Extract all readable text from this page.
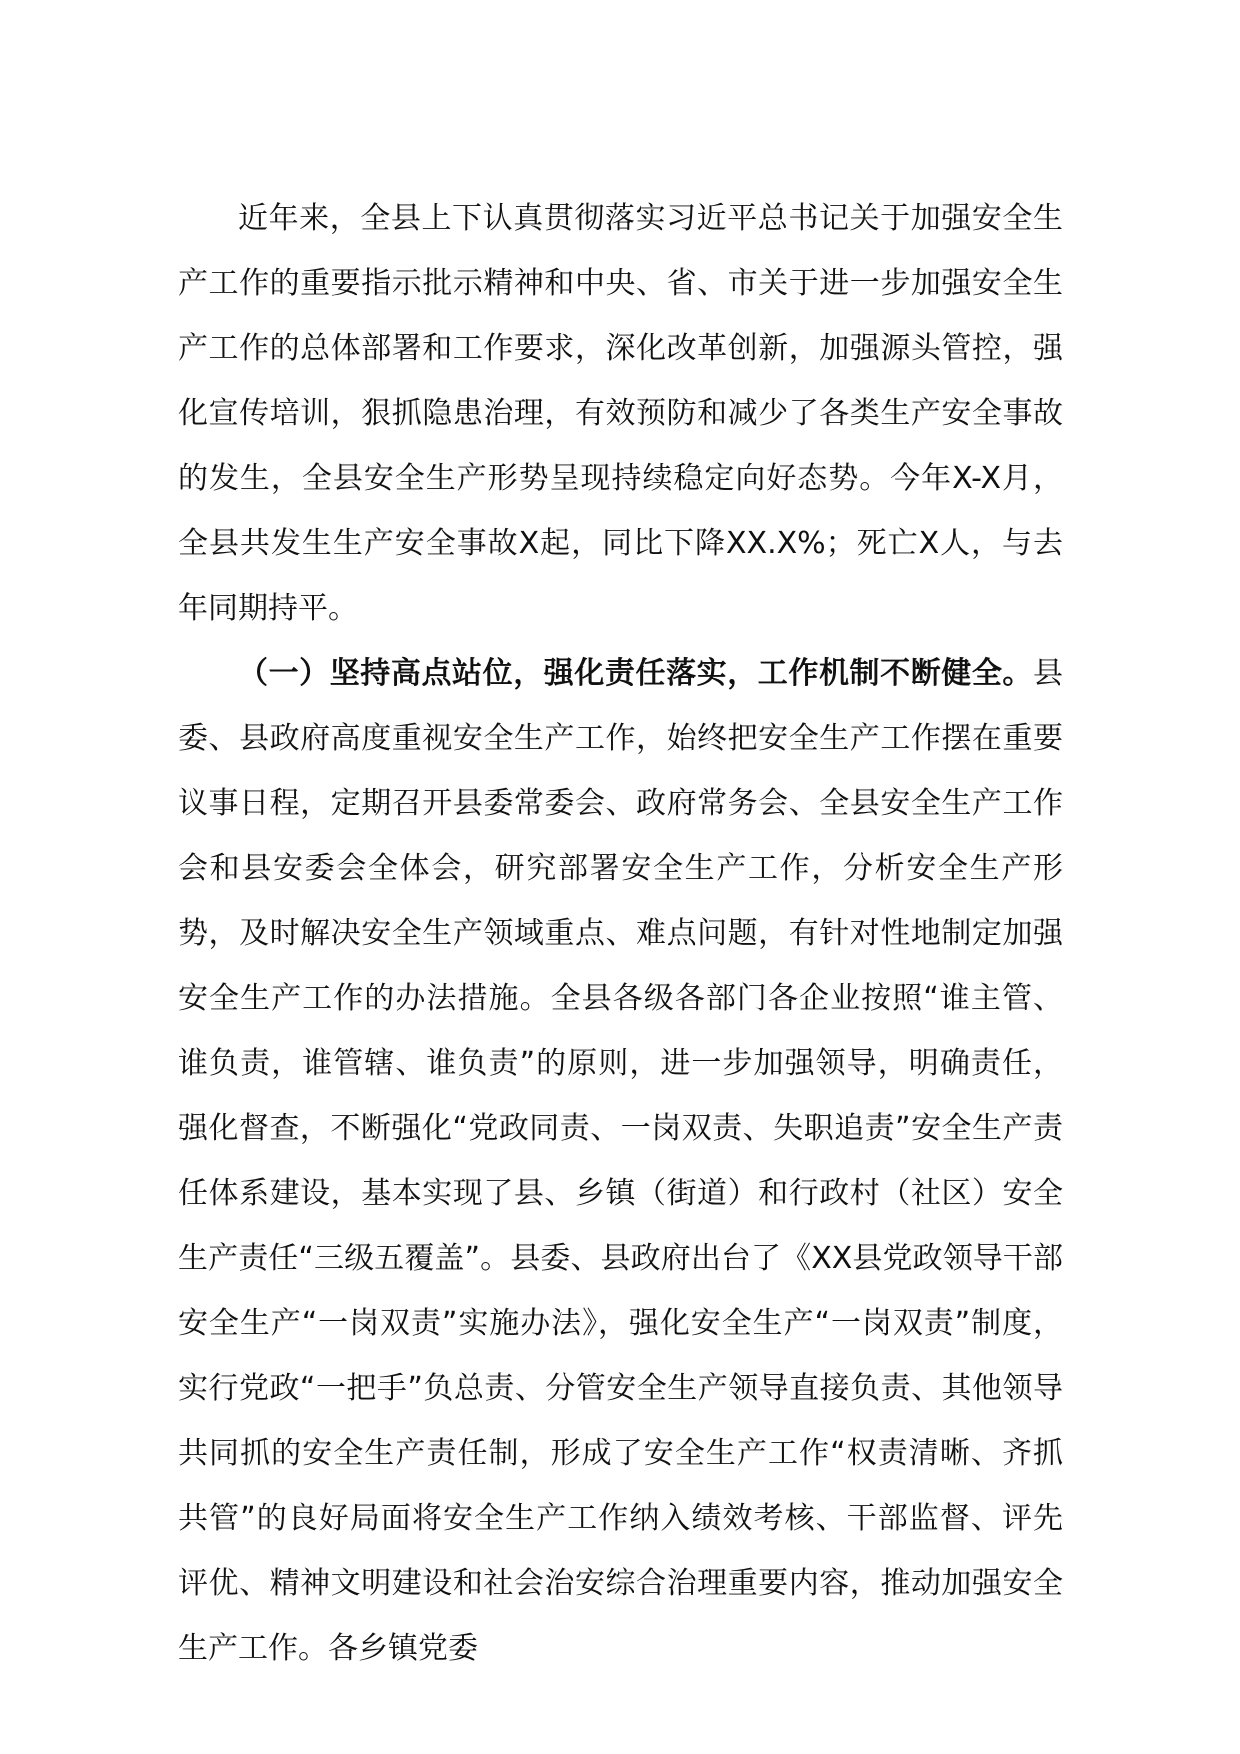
近年来，全县上下认真贯彻落实习近平总书记关于加强安全生产工作的重要指示批示精神和中央、省、市关于进一步加强安全生产工作的总体部署和工作要求，深化改革创新，加强源头管控，强化宣传培训，狠抓隐患治理，有效预防和减少了各类生产安全事故的发生，全县安全生产形势呈现持续稳定向好态势。今年X-X月，全县共发生生产安全事故X起，同比下降XX.X%；死亡X人，与去年同期持平。

（一）坚持高点站位，强化责任落实，工作机制不断健全。县委、县政府高度重视安全生产工作，始终把安全生产工作摆在重要议事日程，定期召开县委常委会、政府常务会、全县安全生产工作会和县安委会全体会，研究部署安全生产工作，分析安全生产形势，及时解决安全生产领域重点、难点问题，有针对性地制定加强安全生产工作的办法措施。全县各级各部门各企业按照“谁主管、谁负责，谁管辖、谁负责”的原则，进一步加强领导，明确责任，强化督查，不断强化“党政同责、一岗双责、失职追责”安全生产责任体系建设，基本实现了县、乡镇（街道）和行政村（社区）安全生产责任“三级五覆盖”。县委、县政府出台了《XX县党政领导干部安全生产“一岗双责”实施办法》，强化安全生产“一岗双责”制度，实行党政“一把手”负总责、分管安全生产领导直接负责、其他领导共同抓的安全生产责任制，形成了安全生产工作“权责清晰、齐抓共管”的良好局面将安全生产工作纳入绩效考核、干部监督、评先评优、精神文明建设和社会治安综合治理重要内容，推动加强安全生产工作。各乡镇党委
